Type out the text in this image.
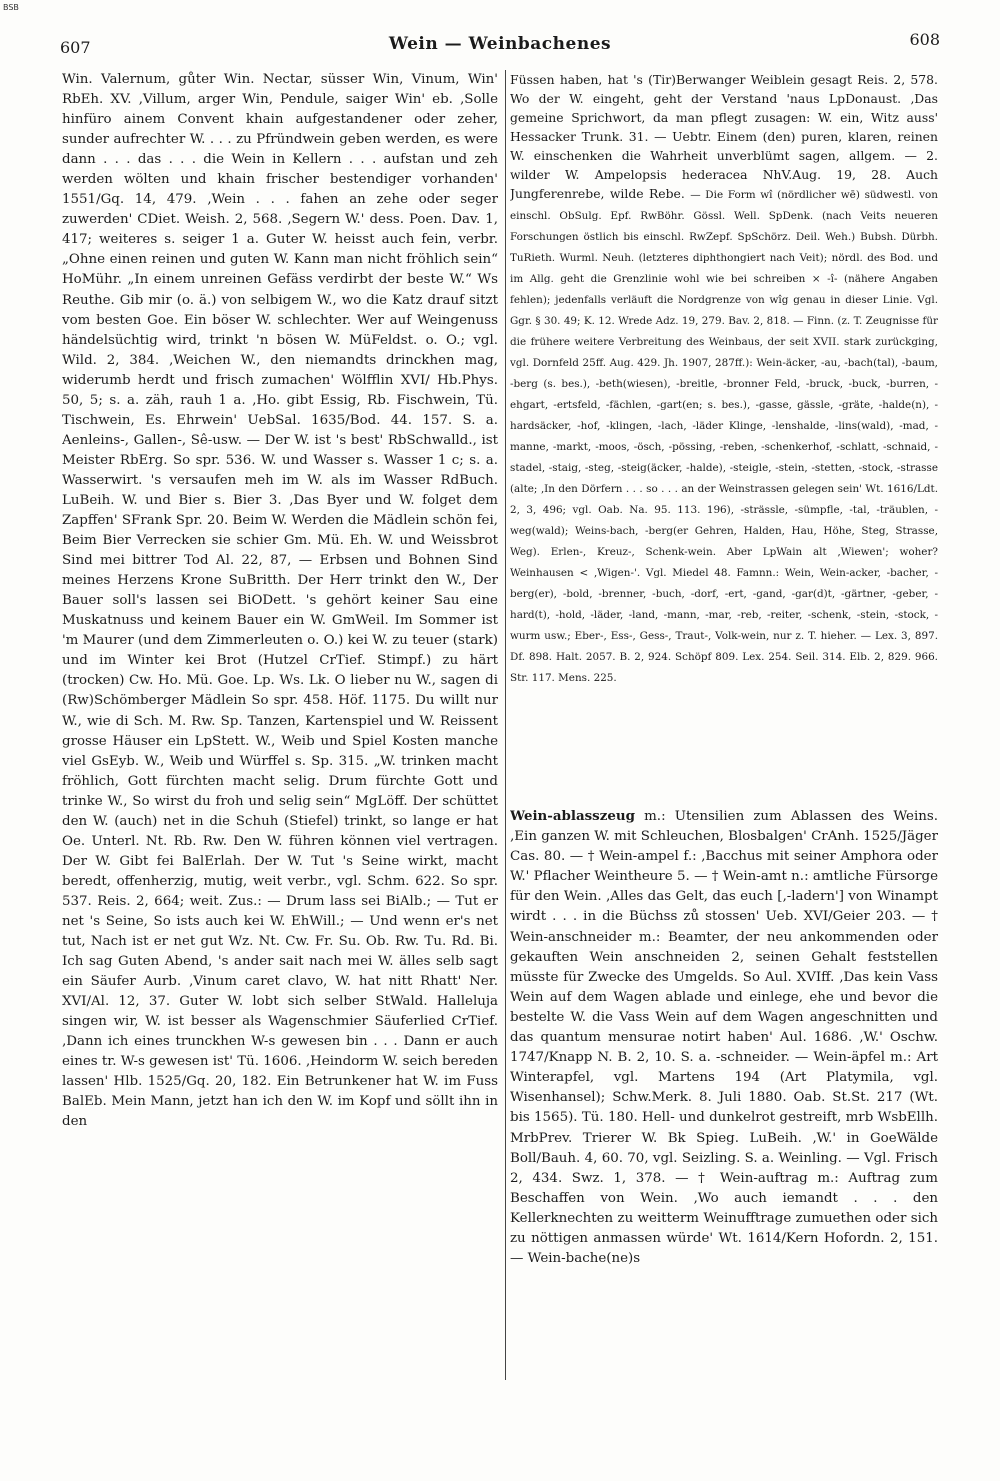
BSB
607	Wein — Weinbachenes	608

Win. Valernum, gůter Win. Nectar, süsser Win, Vinum, Win' RbEh. XV. ‚Villum, arger Win, Pendule, saiger Win' eb. ‚Solle hinfüro ainem Convent khain aufgestandener oder zeher, sunder aufrechter W. . . . zu Pfründwein geben werden, es were dann . . . das . . . die Wein in Kellern . . . aufstan und zeh werden wölten und khain frischer bestendiger vorhanden' 1551/Gq. 14, 479. ‚Wein . . . fahen an zehe oder seger zuwerden' CDiet. Weish. 2, 568. ‚Segern W.' dess. Poen. Dav. 1, 417; weiteres s. seiger 1 a. Guter W. heisst auch fein, verbr. „Ohne einen reinen und guten W. Kann man nicht fröhlich sein“ HoMühr. „In einem unreinen Gefäss verdirbt der beste W.“ Ws Reuthe. Gib mir (o. ä.) von selbigem W., wo die Katz drauf sitzt vom besten Goe. Ein böser W. schlechter. Wer auf Weingenuss händelsüchtig wird, trinkt 'n bösen W. MüFeldst. o. O.; vgl. Wild. 2, 384. ‚Weichen W., den niemandts drinckhen mag, widerumb herdt und frisch zumachen' Wölfflin XVI/ Hb.Phys. 50, 5; s. a. zäh, rauh 1 a. ‚Ho. gibt Essig, Rb. Fischwein, Tü. Tischwein, Es. Ehrwein' UebSal. 1635/Bod. 44. 157. S. a. Aenleins-, Gallen-, Sê-usw. — Der W. ist 's best' RbSchwalld., ist Meister RbErg. So spr. 536. W. und Wasser s. Wasser 1 c; s. a. Wasserwirt. 's versaufen meh im W. als im Wasser RdBuch. LuBeih. W. und Bier s. Bier 3. ‚Das Byer und W. folget dem Zapffen' SFrank Spr. 20. Beim W. Werden die Mädlein schön fei, Beim Bier Verrecken sie schier Gm. Mü. Eh. W. und Weissbrot Sind mei bittrer Tod Al. 22, 87, — Erbsen und Bohnen Sind meines Herzens Krone SuBritth. Der Herr trinkt den W., Der Bauer soll's lassen sei BiODett. 's gehört keiner Sau eine Muskatnuss und keinem Bauer ein W. GmWeil. Im Sommer ist 'm Maurer (und dem Zimmerleuten o. O.) kei W. zu teuer (stark) und im Winter kei Brot (Hutzel CrTief. Stimpf.) zu härt (trocken) Cw. Ho. Mü. Goe. Lp. Ws. Lk. O lieber nu W., sagen di (Rw)Schömberger Mädlein So spr. 458. Höf. 1175. Du willt nur W., wie di Sch. M. Rw. Sp. Tanzen, Kartenspiel und W. Reissent grosse Häuser ein LpStett. W., Weib und Spiel Kosten manche viel GsEyb. W., Weib und Würffel s. Sp. 315. „W. trinken macht fröhlich, Gott fürchten macht selig. Drum fürchte Gott und trinke W., So wirst du froh und selig sein“ MgLöff. Der schüttet den W. (auch) net in die Schuh (Stiefel) trinkt, so lange er hat Oe. Unterl. Nt. Rb. Rw. Den W. führen können viel vertragen. Der W. Gibt fei BalErlah. Der W. Tut 's Seine wirkt, macht beredt, offenherzig, mutig, weit verbr., vgl. Schm. 622. So spr. 537. Reis. 2, 664; weit. Zus.: — Drum lass sei BiAlb.; — Tut er net 's Seine, So ists auch kei W. EhWill.; — Und wenn er's net tut, Nach ist er net gut Wz. Nt. Cw. Fr. Su. Ob. Rw. Tu. Rd. Bi. Ich sag Guten Abend, 's ander sait nach mei W. älles selb sagt ein Säufer Aurb. ‚Vinum caret clavo, W. hat nitt Rhatt' Ner. XVI/Al. 12, 37. Guter W. lobt sich selber StWald. Halleluja singen wir, W. ist besser als Wagenschmier Säuferlied CrTief. ‚Dann ich eines trunckhen W-s gewesen bin . . . Dann er auch eines tr. W-s gewesen ist' Tü. 1606. ‚Heindorm W. seich bereden lassen' Hlb. 1525/Gq. 20, 182. Ein Betrunkener hat W. im Fuss BalEb. Mein Mann, jetzt han ich den W. im Kopf und söllt ihn in den

Füssen haben, hat 's (Tir)Berwanger Weiblein gesagt Reis. 2, 578. Wo der W. eingeht, geht der Verstand 'naus LpDonaust. ‚Das gemeine Sprichwort, da man pflegt zusagen: W. ein, Witz auss' Hessacker Trunk. 31. — Uebtr. Einem (den) puren, klaren, reinen W. einschenken die Wahrheit unverblümt sagen, allgem. — 2. wilder W. Ampelopsis hederacea NhV.Aug. 19, 28. Auch Jungferenrebe, wilde Rebe. — Die Form wî (nördlicher wē) südwestl. von einschl. ObSulg. Epf. RwBöhr. Gössl. Well. SpDenk. (nach Veits neueren Forschungen östlich bis einschl. RwZepf. SpSchörz. Deil. Weh.) Bubsh. Dürbh. TuRieth. Wurml. Neuh. (letzteres diphthongiert nach Veit); nördl. des Bod. und im Allg. geht die Grenzlinie wohl wie bei schreiben × -î- (nähere Angaben fehlen); jedenfalls verläuft die Nordgrenze von wîg genau in dieser Linie. Vgl. Ggr. § 30. 49; K. 12. Wrede Adz. 19, 279. Bav. 2, 818. — Finn. (z. T. Zeugnisse für die frühere weitere Verbreitung des Weinbaus, der seit XVII. stark zurückging, vgl. Dornfeld 25ff. Aug. 429. Jh. 1907, 287ff.): Wein-äcker, -au, -bach(tal), -baum, -berg (s. bes.), -beth(wiesen), -breitle, -bronner Feld, -bruck, -buck, -burren, -ehgart, -ertsfeld, -fächlen, -gart(en; s. bes.), -gasse, gässle, -gräte, -halde(n), -hardsäcker, -hof, -klingen, -lach, -läder Klinge, -lenshalde, -lins(wald), -mad, -manne, -markt, -moos, -ösch, -pössing, -reben, -schenkerhof, -schlatt, -schnaid, -stadel, -staig, -steg, -steig(äcker, -halde), -steigle, -stein, -stetten, -stock, -strasse (alte; ‚In den Dörfern . . . so . . . an der Weinstrassen gelegen sein' Wt. 1616/Ldt. 2, 3, 496; vgl. Oab. Na. 95. 113. 196), -strässle, -sümpfle, -tal, -träublen, -weg(wald); Weins-bach, -berg(er Gehren, Halden, Hau, Höhe, Steg, Strasse, Weg). Erlen-, Kreuz-, Schenk-wein. Aber LpWain alt ‚Wiewen'; woher? Weinhausen < ‚Wigen-'. Vgl. Miedel 48. Famnn.: Wein, Wein-acker, -bacher, -berg(er), -bold, -brenner, -buch, -dorf, -ert, -gand, -gar(d)t, -gärtner, -geber, -hard(t), -hold, -läder, -land, -mann, -mar, -reb, -reiter, -schenk, -stein, -stock, -wurm usw.; Eber-, Ess-, Gess-, Traut-, Volk-wein, nur z. T. hieher. — Lex. 3, 897. Df. 898. Halt. 2057. B. 2, 924. Schöpf 809. Lex. 254. Seil. 314. Elb. 2, 829. 966. Str. 117. Mens. 225.

Wein-ablasszeug m.: Utensilien zum Ablassen des Weins. ‚Ein ganzen W. mit Schleuchen, Blosbalgen' CrAnh. 1525/Jäger Cas. 80. — † Wein-ampel f.: ‚Bacchus mit seiner Amphora oder W.' Pflacher Weintheure 5. — † Wein-amt n.: amtliche Fürsorge für den Wein. ‚Alles das Gelt, das euch [‚-ladern'] von Winampt wirdt . . . in die Büchss zů stossen' Ueb. XVI/Geier 203. — † Wein-anschneider m.: Beamter, der neu ankommenden oder gekauften Wein anschneiden 2, seinen Gehalt feststellen müsste für Zwecke des Umgelds. So Aul. XVIff. ‚Das kein Vass Wein auf dem Wagen ablade und einlege, ehe und bevor die bestelte W. die Vass Wein auf dem Wagen angeschnitten und das quantum mensurae notirt haben' Aul. 1686. ‚W.' Oschw. 1747/Knapp N. B. 2, 10. S. a. -schneider. — Wein-äpfel m.: Art Winterapfel, vgl. Martens 194 (Art Platymila, vgl. Wisenhansel); Schw.Merk. 8. Juli 1880. Oab. St.St. 217 (Wt. bis 1565). Tü. 180. Hell- und dunkelrot gestreift, mrb WsbEllh. MrbPrev. Trierer W. Bk Spieg. LuBeih. ‚W.' in GoeWälde Boll/Bauh. 4, 60. 70, vgl. Seizling. S. a. Weinling. — Vgl. Frisch 2, 434. Swz. 1, 378. — † Wein-auftrag m.: Auftrag zum Beschaffen von Wein. ‚Wo auch iemandt . . . den Kellerknechten zu weitterm Weinufftrage zumuethen oder sich zu nöttigen anmassen würde' Wt. 1614/Kern Hofordn. 2, 151. — Wein-bache(ne)s
